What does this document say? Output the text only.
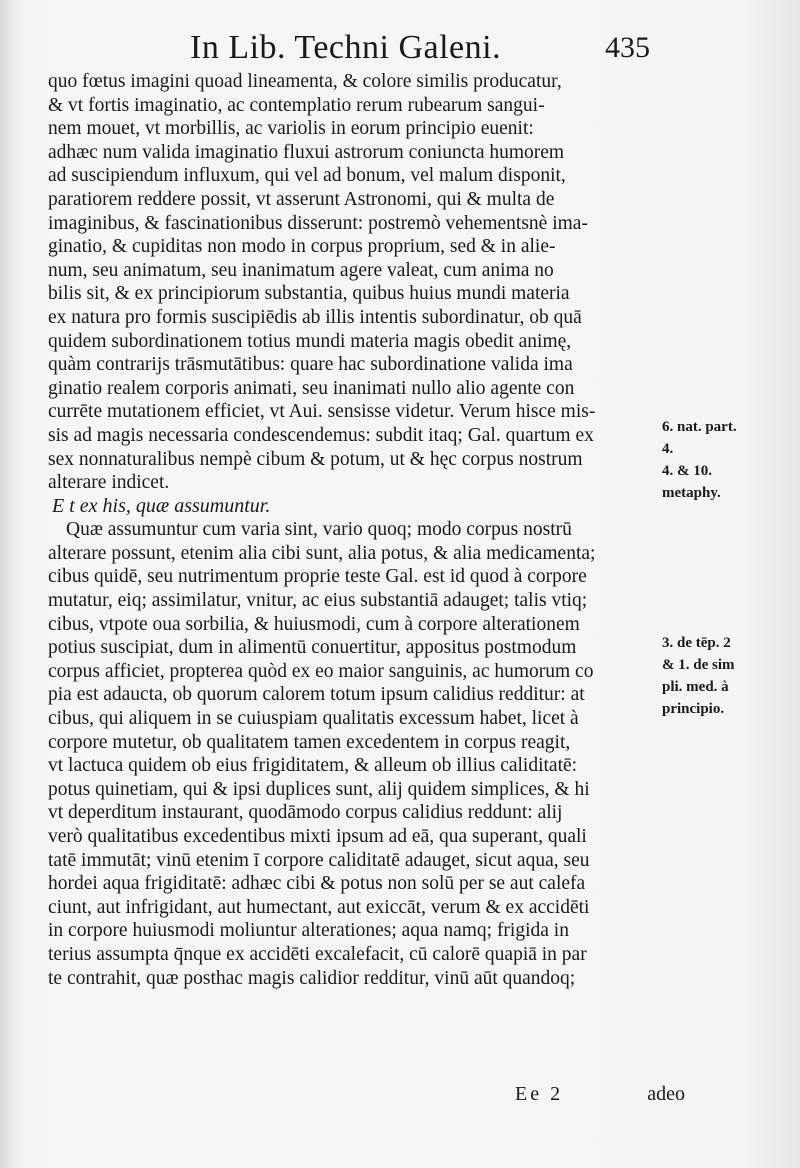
In Lib. Techni Galeni.	435
quo fœtus imagini quoad lineamenta, & colore similis producatur,
& vt fortis imaginatio, ac contemplatio rerum rubearum sangui-
nem mouet, vt morbillis, ac variolis in eorum principio euenit:
adhæc num valida imaginatio fluxui astrorum coniuncta humorem
ad suscipiendum influxum, qui vel ad bonum, vel malum disponit,
paratiorem reddere possit, vt asserunt Astronomi, qui & multa de
imaginibus, & fascinationibus disserunt: postremò vehementsnè ima-
ginatio, & cupiditas non modo in corpus proprium, sed & in alie-
num, seu animatum, seu inanimatum agere valeat, cum anima no
bilis sit, & ex principiorum substantia, quibus huius mundi materia
ex natura pro formis suscipiēdis ab illis intentis subordinatur, ob quā
quidem subordinationem totius mundi materia magis obedit animę,
quàm contrarijs trāsmutātibus: quare hac subordinatione valida ima
ginatio realem corporis animati, seu inanimati nullo alio agente con
currēte mutationem efficiet, vt Aui. sensisse videtur. Verum hisce mis-
sis ad magis necessaria condescendemus: subdit itaq; Gal. quartum ex
sex nonnaturalibus nempè cibum & potum, ut & hęc corpus nostrum
alterare indicet.
E t ex his, quæ assumuntur.
Quæ assumuntur cum varia sint, vario quoq; modo corpus nostrū
alterare possunt, etenim alia cibi sunt, alia potus, & alia medicamenta;
cibus quidē, seu nutrimentum proprie teste Gal. est id quod à corpore
mutatur, eiq; assimilatur, vnitur, ac eius substantiā adauget; talis vtiq;
cibus, vtpote oua sorbilia, & huiusmodi, cum à corpore alterationem
potius suscipiat, dum in alimentū conuertitur, appositus postmodum
corpus afficiet, propterea quòd ex eo maior sanguinis, ac humorum co
pia est adaucta, ob quorum calorem totum ipsum calidius redditur: at
cibus, qui aliquem in se cuiuspiam qualitatis excessum habet, licet à
corpore mutetur, ob qualitatem tamen excedentem in corpus reagit,
vt lactuca quidem ob eius frigiditatem, & alleum ob illius caliditatē:
potus quinetiam, qui & ipsi duplices sunt, alij quidem simplices, & hi
vt deperditum instaurant, quodāmodo corpus calidius reddunt: alij
verò qualitatibus excedentibus mixti ipsum ad eā, qua superant, quali
tatē immutāt; vinū etenim ī corpore caliditatē adauget, sicut aqua, seu
hordei aqua frigiditatē: adhæc cibi & potus non solū per se aut calefa
ciunt, aut infrigidant, aut humectant, aut exiccāt, verum & ex accidēti
in corpore huiusmodi moliuntur alterationes; aqua namq; frigida in
terius assumpta q̄nque ex accidēti excalefacit, cū calorē quapiā in par
te contrahit, quæ posthac magis calidior redditur, vinū aūt quandoq;
6. nat. part.
4.
4. & 10.
metaphy.
3. de tēp. 2
& 1. de sim
pli. med. à
principio.
Ee 2	adeo
